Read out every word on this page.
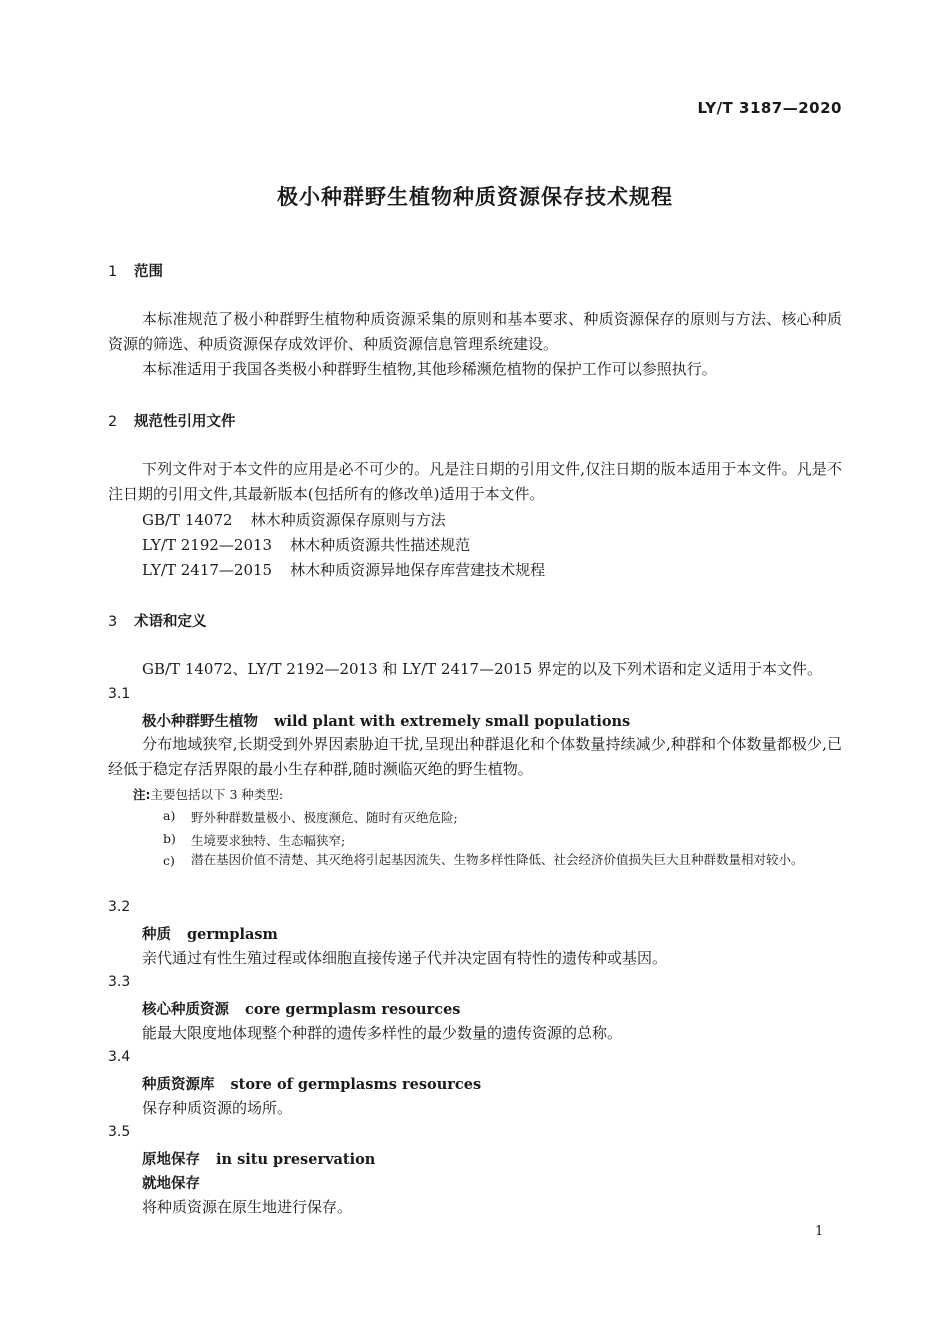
LY/T 3187—2020
极小种群野生植物种质资源保存技术规程
1 范围
本标准规范了极小种群野生植物种质资源采集的原则和基本要求、种质资源保存的原则与方法、核心种质资源的筛选、种质资源保存成效评价、种质资源信息管理系统建设。
本标准适用于我国各类极小种群野生植物,其他珍稀濒危植物的保护工作可以参照执行。
2 规范性引用文件
下列文件对于本文件的应用是必不可少的。凡是注日期的引用文件,仅注日期的版本适用于本文件。凡是不注日期的引用文件,其最新版本(包括所有的修改单)适用于本文件。
GB/T 14072 林木种质资源保存原则与方法
LY/T 2192—2013 林木种质资源共性描述规范
LY/T 2417—2015 林木种质资源异地保存库营建技术规程
3 术语和定义
GB/T 14072、LY/T 2192—2013 和 LY/T 2417—2015 界定的以及下列术语和定义适用于本文件。
3.1
极小种群野生植物 wild plant with extremely small populations
分布地域狭窄,长期受到外界因素胁迫干扰,呈现出种群退化和个体数量持续减少,种群和个体数量都极少,已经低于稳定存活界限的最小生存种群,随时濒临灭绝的野生植物。
注:主要包括以下 3 种类型:
a) 野外种群数量极小、极度濒危、随时有灭绝危险;
b) 生境要求独特、生态幅狭窄;
c) 潜在基因价值不清楚、其灭绝将引起基因流失、生物多样性降低、社会经济价值损失巨大且种群数量相对较小。
3.2
种质 germplasm
亲代通过有性生殖过程或体细胞直接传递子代并决定固有特性的遗传种或基因。
3.3
核心种质资源 core germplasm resources
能最大限度地体现整个种群的遗传多样性的最少数量的遗传资源的总称。
3.4
种质资源库 store of germplasms resources
保存种质资源的场所。
3.5
原地保存 in situ preservation
就地保存
将种质资源在原生地进行保存。
1
